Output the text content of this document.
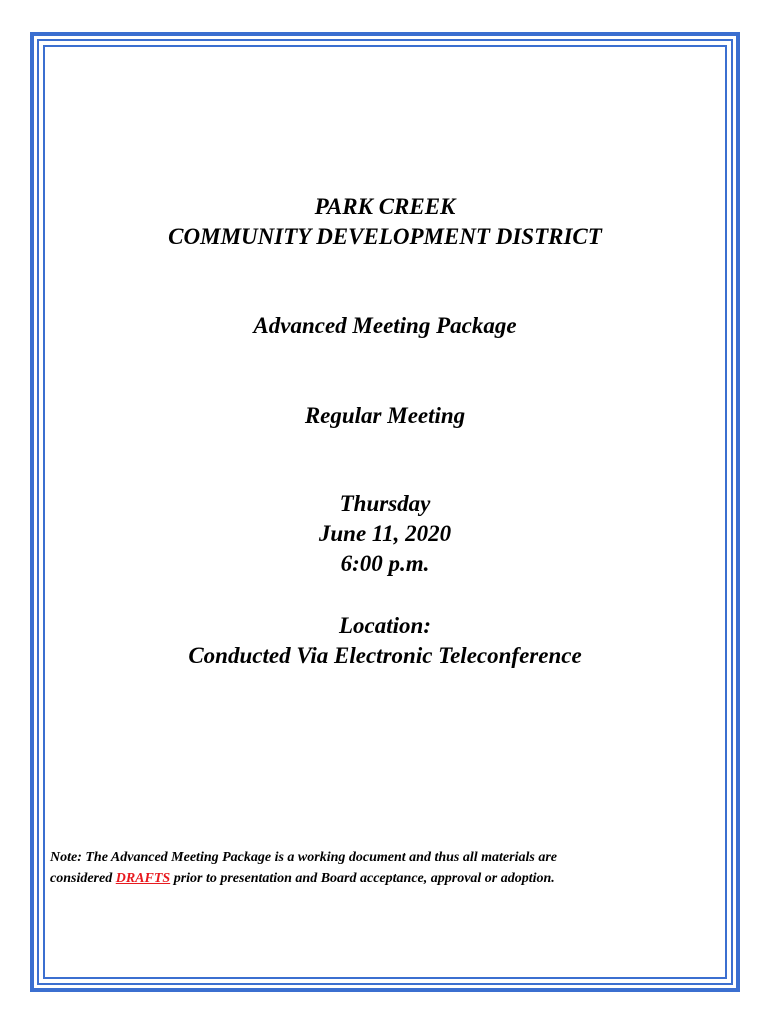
PARK CREEK
COMMUNITY DEVELOPMENT DISTRICT
Advanced Meeting Package
Regular Meeting
Thursday
June 11, 2020
6:00 p.m.
Location:
Conducted Via Electronic Teleconference
Note: The Advanced Meeting Package is a working document and thus all materials are
considered DRAFTS prior to presentation and Board acceptance, approval or adoption.
